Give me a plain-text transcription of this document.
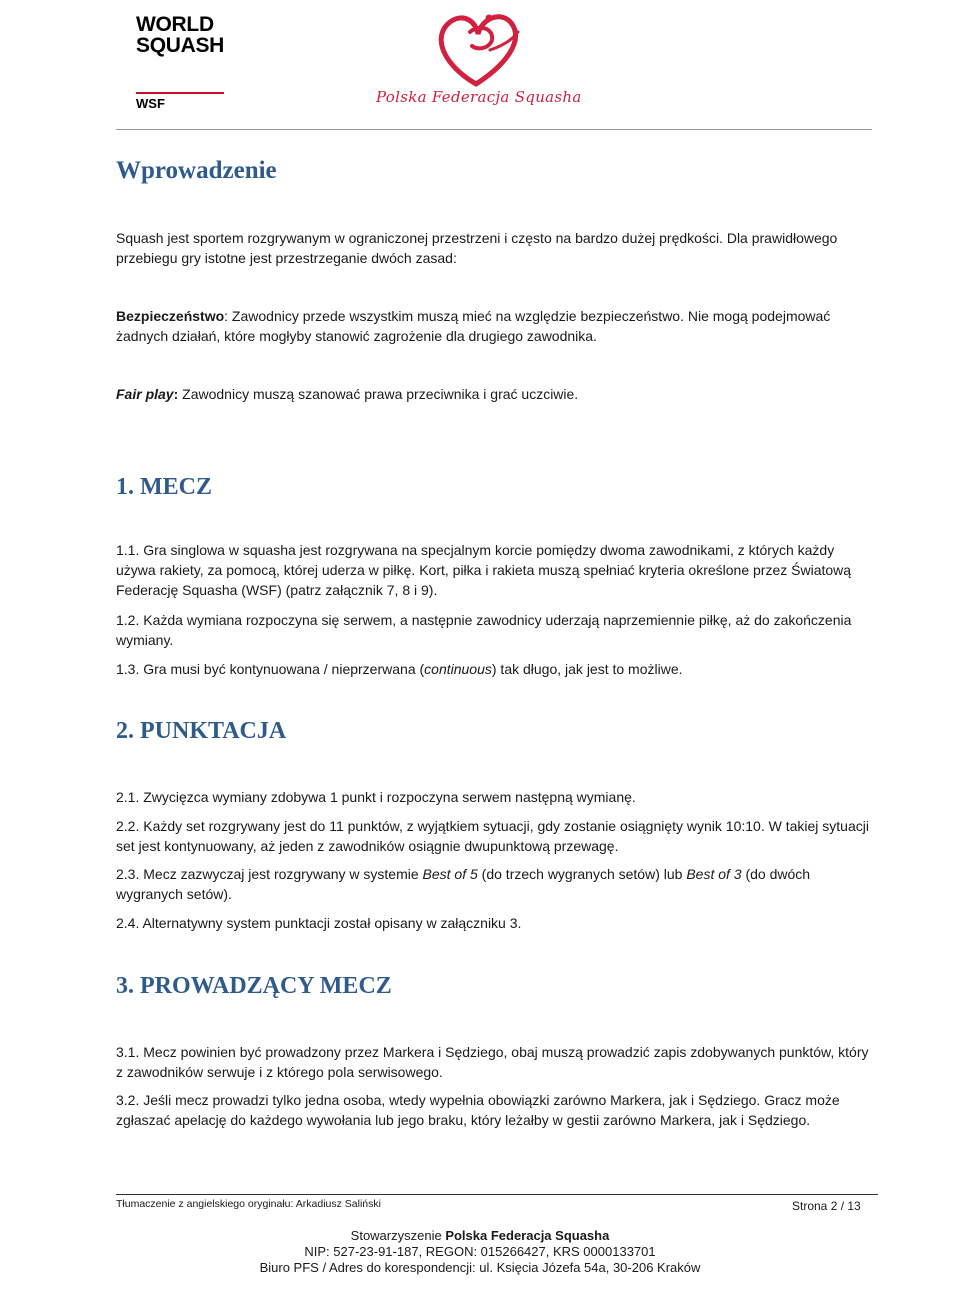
WORLD
SQUASH
WSF	Polska Federacja Squasha
Wprowadzenie
Squash jest sportem rozgrywanym w ograniczonej przestrzeni i często na bardzo dużej prędkości. Dla prawidłowego przebiegu gry istotne jest przestrzeganie dwóch zasad:
Bezpieczeństwo: Zawodnicy przede wszystkim muszą mieć na względzie bezpieczeństwo. Nie mogą podejmować żadnych działań, które mogłyby stanowić zagrożenie dla drugiego zawodnika.
Fair play: Zawodnicy muszą szanować prawa przeciwnika i grać uczciwie.
1. MECZ
1.1. Gra singlowa w squasha jest rozgrywana na specjalnym korcie pomiędzy dwoma zawodnikami, z których każdy używa rakiety, za pomocą, której uderza w piłkę. Kort, piłka i rakieta muszą spełniać kryteria określone przez Światową Federację Squasha (WSF) (patrz załącznik 7, 8 i 9).
1.2. Każda wymiana rozpoczyna się serwem, a następnie zawodnicy uderzają naprzemiennie piłkę, aż do zakończenia wymiany.
1.3. Gra musi być kontynuowana / nieprzerwana (continuous) tak długo, jak jest to możliwe.
2. PUNKTACJA
2.1. Zwycięzca wymiany zdobywa 1 punkt i rozpoczyna serwem następną wymianę.
2.2. Każdy set rozgrywany jest do 11 punktów, z wyjątkiem sytuacji, gdy zostanie osiągnięty wynik 10:10. W takiej sytuacji set jest kontynuowany, aż jeden z zawodników osiągnie dwupunktową przewagę.
2.3. Mecz zazwyczaj jest rozgrywany w systemie Best of 5 (do trzech wygranych setów) lub Best of 3 (do dwóch wygranych setów).
2.4. Alternatywny system punktacji został opisany w załączniku 3.
3. PROWADZĄCY MECZ
3.1. Mecz powinien być prowadzony przez Markera i Sędziego, obaj muszą prowadzić zapis zdobywanych punktów, który z zawodników serwuje i z którego pola serwisowego.
3.2. Jeśli mecz prowadzi tylko jedna osoba, wtedy wypełnia obowiązki zarówno Markera, jak i Sędziego. Gracz może zgłaszać apelację do każdego wywołania lub jego braku, który leżałby w gestii zarówno Markera, jak i Sędziego.
Tłumaczenie z angielskiego oryginału: Arkadiusz Saliński	Strona 2 / 13
Stowarzyszenie Polska Federacja Squasha
NIP: 527-23-91-187, REGON: 015266427, KRS 0000133701
Biuro PFS / Adres do korespondencji: ul. Księcia Józefa 54a, 30-206 Kraków
